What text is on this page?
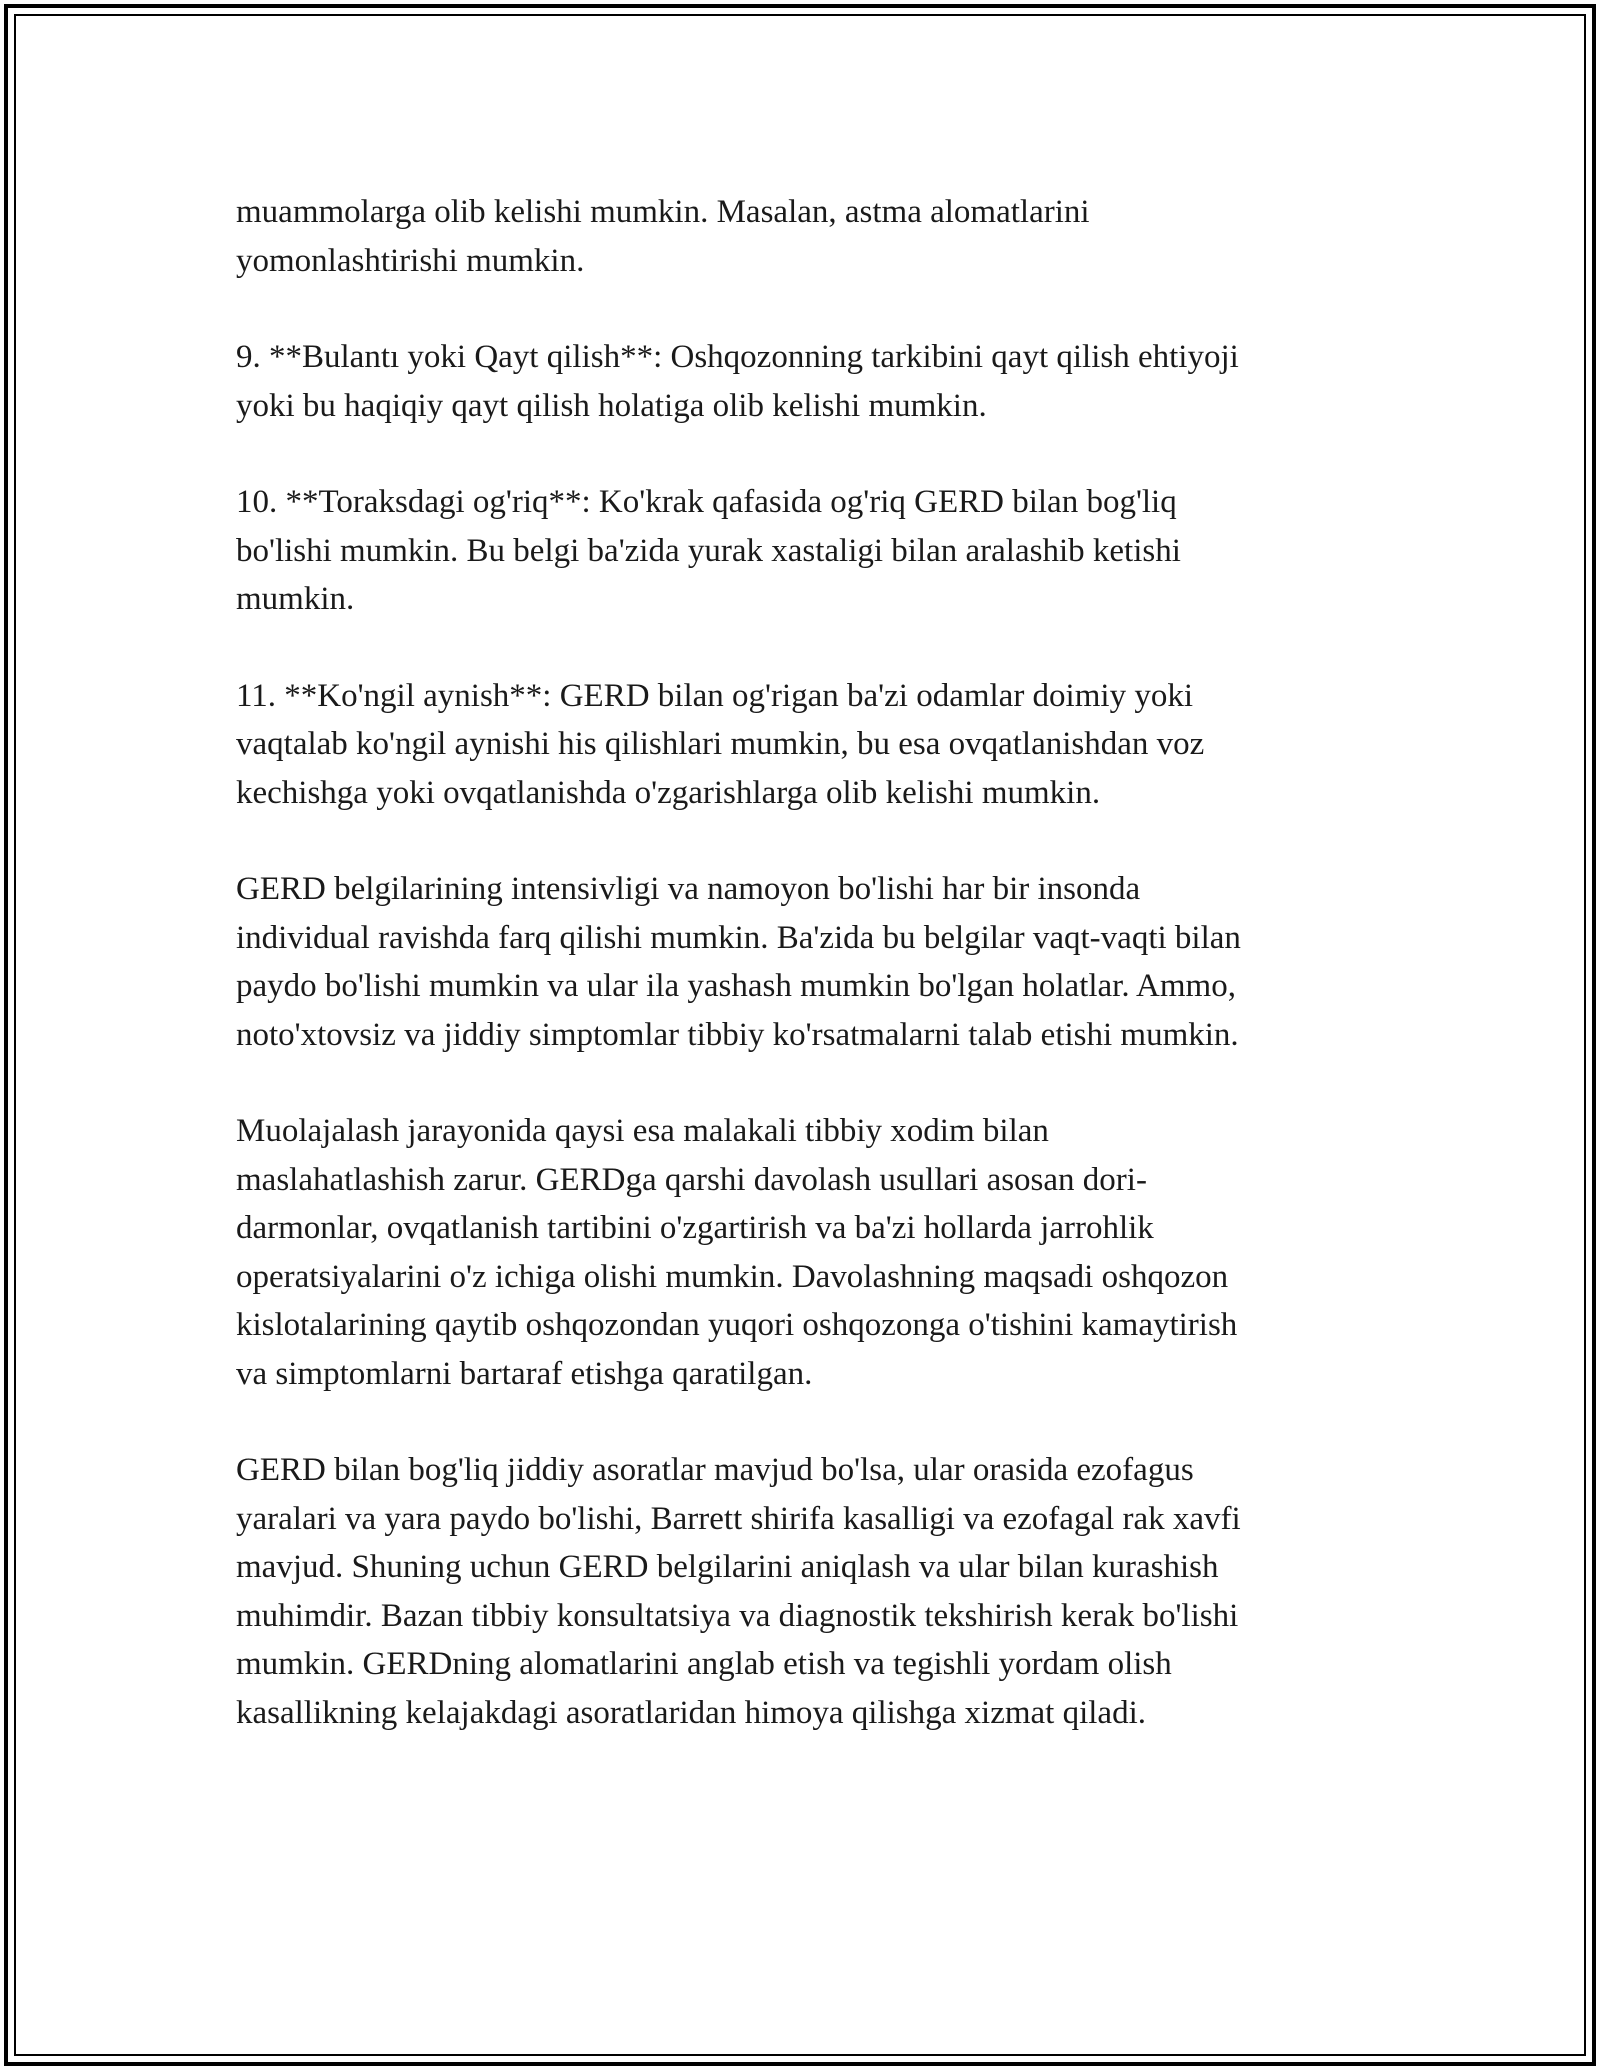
muammolarga olib kelishi mumkin. Masalan, astma alomatlarini
yomonlashtirishi mumkin.

9. **Bulantı yoki Qayt qilish**: Oshqozonning tarkibini qayt qilish ehtiyoji
yoki bu haqiqiy qayt qilish holatiga olib kelishi mumkin.

10. **Toraksdagi og'riq**: Ko'krak qafasida og'riq GERD bilan bog'liq
bo'lishi mumkin. Bu belgi ba'zida yurak xastaligi bilan aralashib ketishi
mumkin.

11. **Ko'ngil aynish**: GERD bilan og'rigan ba'zi odamlar doimiy yoki
vaqtalab ko'ngil aynishi his qilishlari mumkin, bu esa ovqatlanishdan voz
kechishga yoki ovqatlanishda o'zgarishlarga olib kelishi mumkin.

GERD belgilarining intensivligi va namoyon bo'lishi har bir insonda
individual ravishda farq qilishi mumkin. Ba'zida bu belgilar vaqt-vaqti bilan
paydo bo'lishi mumkin va ular ila yashash mumkin bo'lgan holatlar. Ammo,
noto'xtovsiz va jiddiy simptomlar tibbiy ko'rsatmalarni talab etishi mumkin.

Muolajalash jarayonida qaysi esa malakali tibbiy xodim bilan
maslahatlashish zarur. GERDga qarshi davolash usullari asosan dori-
darmonlar, ovqatlanish tartibini o'zgartirish va ba'zi hollarda jarrohlik
operatsiyalarini o'z ichiga olishi mumkin. Davolashning maqsadi oshqozon
kislotalarining qaytib oshqozondan yuqori oshqozonga o'tishini kamaytirish
va simptomlarni bartaraf etishga qaratilgan.

GERD bilan bog'liq jiddiy asoratlar mavjud bo'lsa, ular orasida ezofagus
yaralari va yara paydo bo'lishi, Barrett shirifa kasalligi va ezofagal rak xavfi
mavjud. Shuning uchun GERD belgilarini aniqlash va ular bilan kurashish
muhimdir. Bazan tibbiy konsultatsiya va diagnostik tekshirish kerak bo'lishi
mumkin. GERDning alomatlarini anglab etish va tegishli yordam olish
kasallikning kelajakdagi asoratlaridan himoya qilishga xizmat qiladi.
